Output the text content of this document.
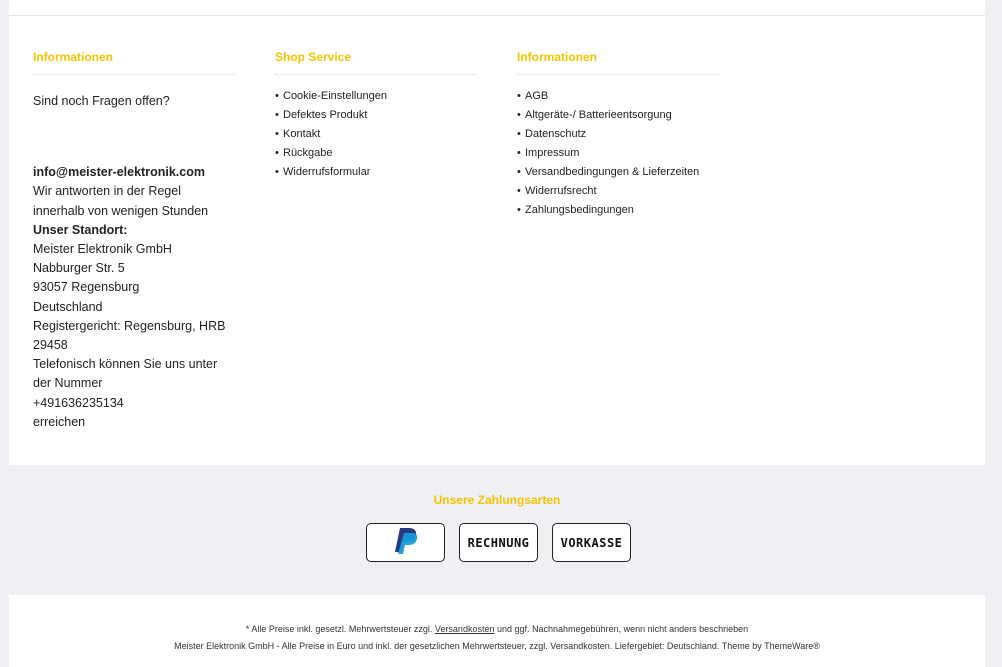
Informationen

Sind noch Fragen offen?

info@meister-elektronik.com

Wir antworten in der Regel innerhalb von wenigen Stunden

Unser Standort:

Meister Elektronik GmbH

Nabburger Str. 5

93057 Regensburg

Deutschland

Registergericht: Regensburg, HRB 29458

Telefonisch können Sie uns unter der Nummer

+491636235134

erreichen

Shop Service
• Cookie-Einstellungen
• Defektes Produkt
• Kontakt
• Rückgabe
• Widerrufsformular
Informationen
• AGB
• Altgeräte-/ Batterieentsorgung
• Datenschutz
• Impressum
• Versandbedingungen & Lieferzeiten
• Widerrufsrecht
• Zahlungsbedingungen
Unsere Zahlungsarten
RECHNUNG	VORKASSE
* Alle Preise inkl. gesetzl. Mehrwertsteuer zzgl. Versandkosten und ggf. Nachnahmegebühren, wenn nicht anders beschrieben
Meister Elektronik GmbH - Alle Preise in Euro und inkl. der gesetzlichen Mehrwertsteuer, zzgl. Versandkosten. Liefergebiet: Deutschland. Theme by ThemeWare®
